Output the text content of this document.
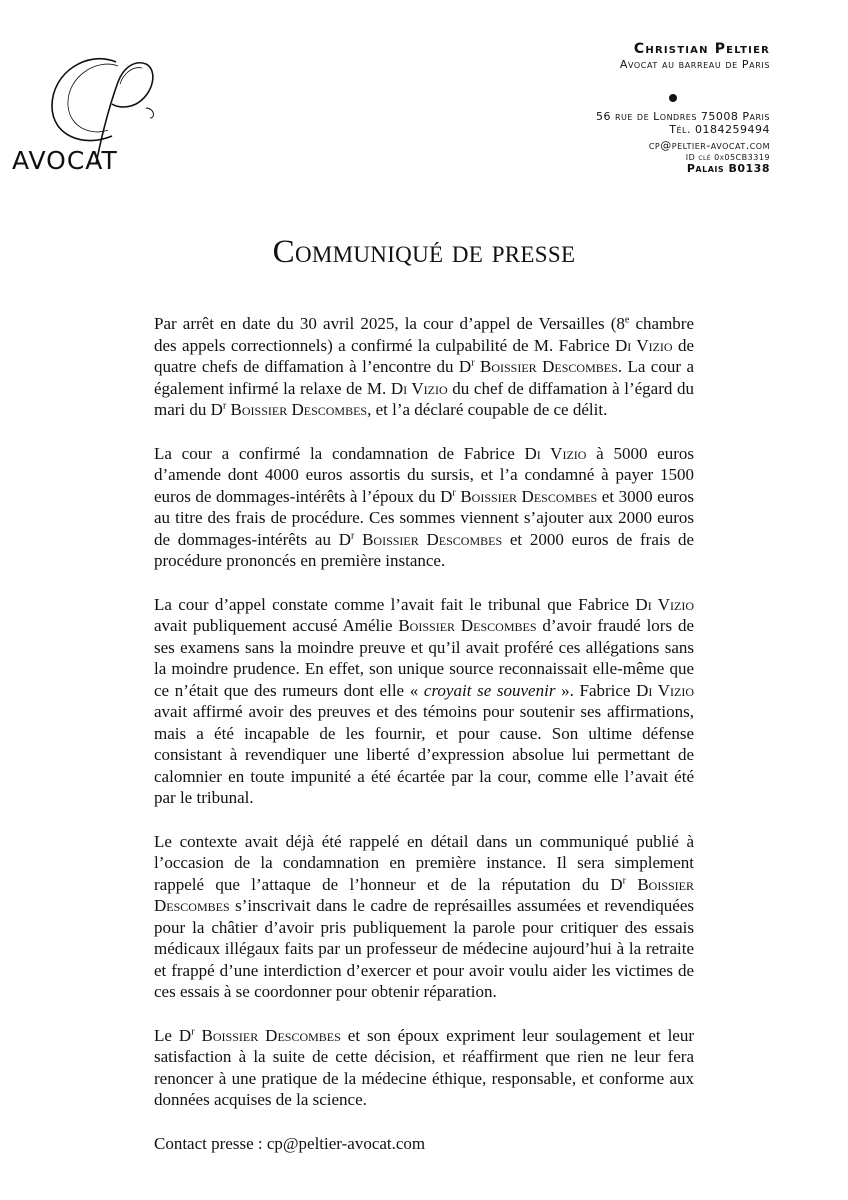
AVOCAT
Christian Peltier
Avocat au barreau de Paris
56 rue de Londres 75008 Paris
Tél. 0184259494
cp@peltier-avocat.com
ID clé 0x05CB3319
Palais B0138
Communiqué de presse

Par arrêt en date du 30 avril 2025, la cour d’appel de Versailles (8e chambre des appels correctionnels) a confirmé la culpabilité de M. Fabrice Di Vizio de quatre chefs de diffamation à l’encontre du $D^r$ Boissier Descombes. La cour a également infirmé la relaxe de M. Di Vizio du chef de diffamation à l’égard du mari du $D^r$ Boissier Descombes, et l’a déclaré coupable de ce délit.

La cour a confirmé la condamnation de Fabrice Di Vizio à 5000 euros d’amende dont 4000 euros assortis du sursis, et l’a condamné à payer 1500 euros de dommages-intérêts à l’époux du $D^r$ Boissier Descombes et 3000 euros au titre des frais de procédure. Ces sommes viennent s’ajouter aux 2000 euros de dommages-intérêts au $D^r$ Boissier Descombes et 2000 euros de frais de procédure prononcés en première instance.

La cour d’appel constate comme l’avait fait le tribunal que Fabrice Di Vizio avait publiquement accusé Amélie Boissier Descombes d’avoir fraudé lors de ses examens sans la moindre preuve et qu’il avait proféré ces allégations sans la moindre prudence. En effet, son unique source reconnaissait elle-même que ce n’était que des rumeurs dont elle « croyait se souvenir ». Fabrice Di Vizio avait affirmé avoir des preuves et des témoins pour soutenir ses affirmations, mais a été incapable de les fournir, et pour cause. Son ultime défense consistant à revendiquer une liberté d’expression absolue lui permettant de calomnier en toute impunité a été écartée par la cour, comme elle l’avait été par le tribunal.

Le contexte avait déjà été rappelé en détail dans un communiqué publié à l’occasion de la condamnation en première instance. Il sera simplement rappelé que l’attaque de l’honneur et de la réputation du $D^r$ Boissier Descombes s’inscrivait dans le cadre de représailles assumées et revendiquées pour la châtier d’avoir pris publiquement la parole pour critiquer des essais médicaux illégaux faits par un professeur de médecine aujourd’hui à la retraite et frappé d’une interdiction d’exercer et pour avoir voulu aider les victimes de ces essais à se coordonner pour obtenir réparation.

Le $D^r$ Boissier Descombes et son époux expriment leur soulagement et leur satisfaction à la suite de cette décision, et réaffirment que rien ne leur fera renoncer à une pratique de la médecine éthique, responsable, et conforme aux données acquises de la science.

Contact presse : cp@peltier-avocat.com
